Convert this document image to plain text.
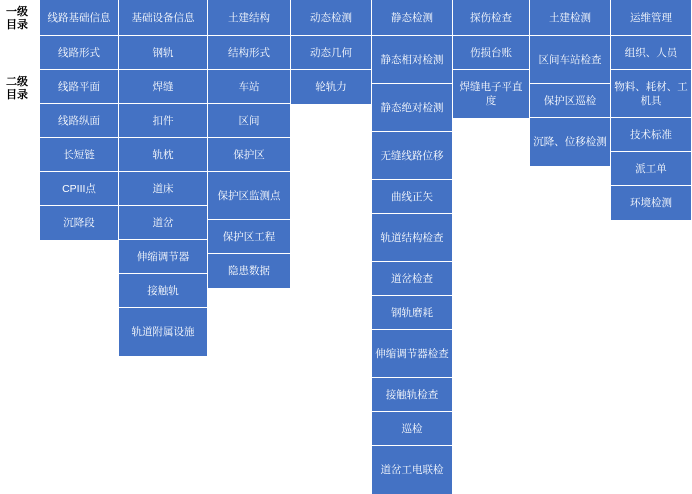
一级
目录
二级
目录
线路基础信息
线路形式
线路平面
线路纵面
长短链
CPIII点
沉降段
基础设备信息
钢轨
焊缝
扣件
轨枕
道床
道岔
伸缩调节器
接触轨
轨道附属设施
土建结构
结构形式
车站
区间
保护区
保护区监测点
保护区工程
隐患数据
动态检测
动态几何
轮轨力
静态检测
静态相对检测
静态绝对检测
无缝线路位移
曲线正矢
轨道结构检查
道岔检查
钢轨磨耗
伸缩调节器检查
接触轨检查
巡检
道岔工电联检
探伤检查
伤损台账
焊缝电子平直度
土建检测
区间车站检查
保护区巡检
沉降、位移检测
运维管理
组织、人员
物料、耗材、工机具
技术标准
派工单
环境检测
